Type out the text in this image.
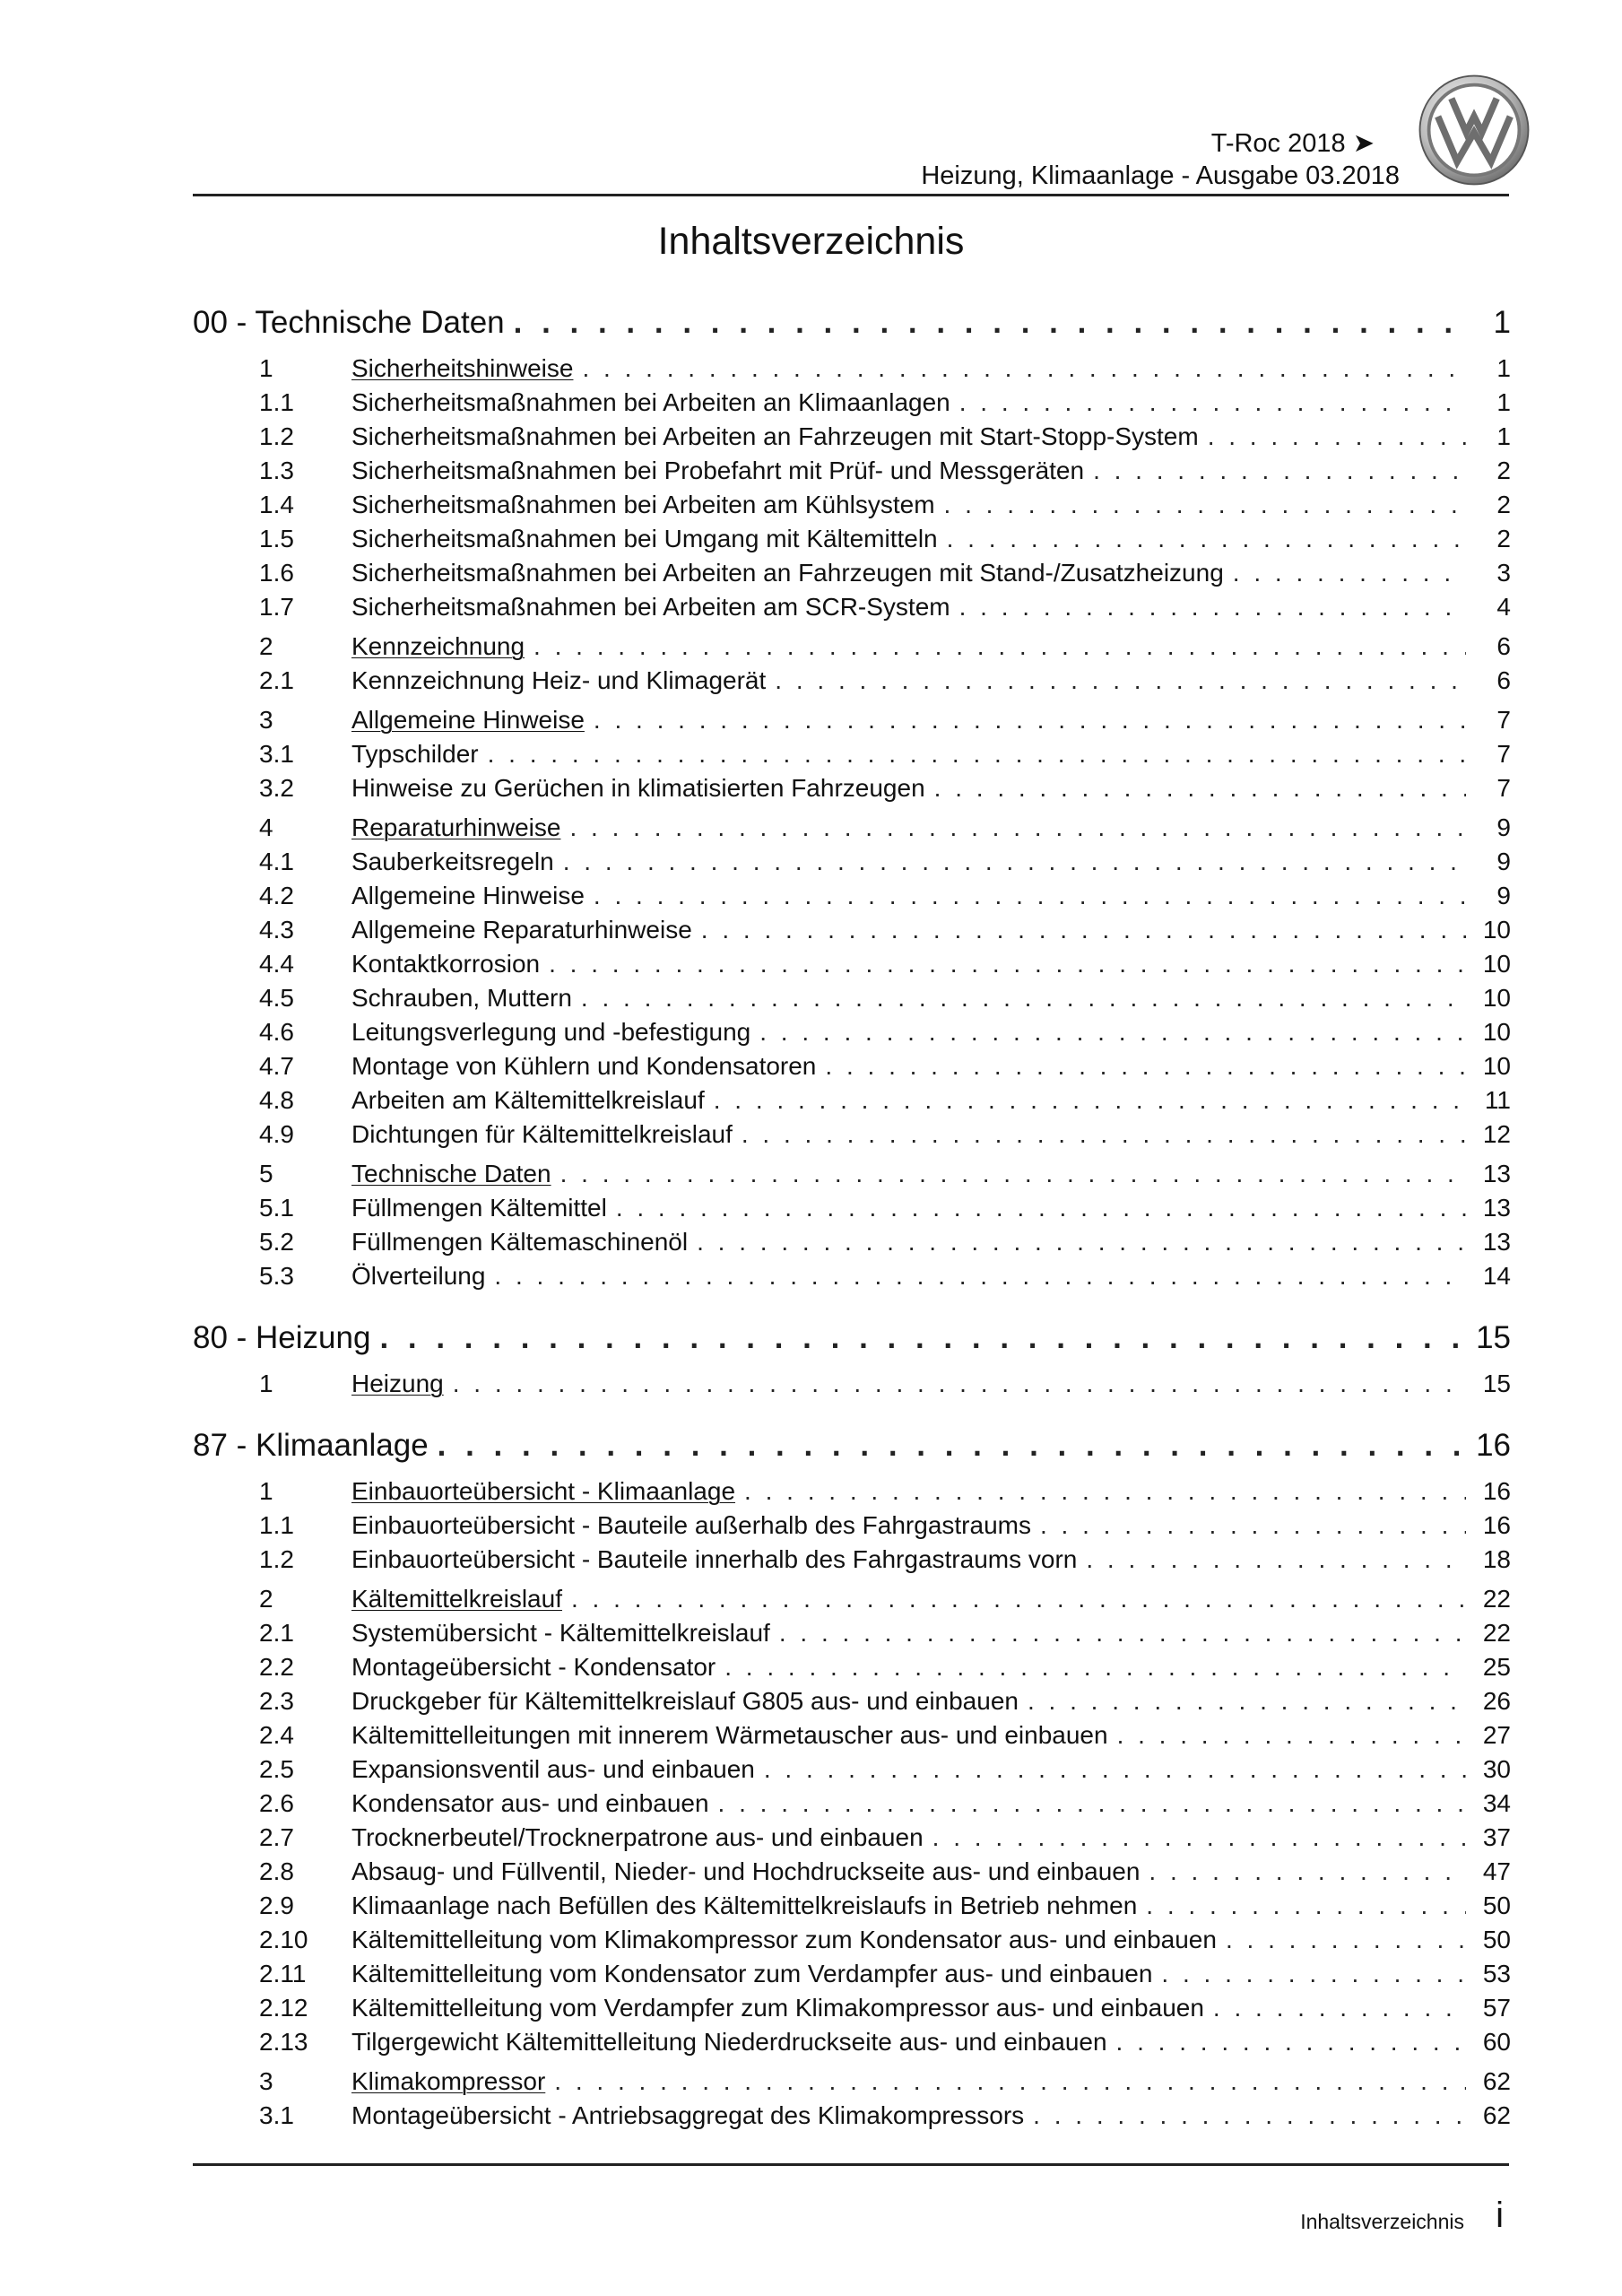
T-Roc 2018 ➤
Heizung, Klimaanlage - Ausgabe 03.2018
Inhaltsverzeichnis
00 - Technische Daten . . .	1
1	Sicherheitshinweise . . .	1
1.1	Sicherheitsmaßnahmen bei Arbeiten an Klimaanlagen . . .	1
1.2	Sicherheitsmaßnahmen bei Arbeiten an Fahrzeugen mit Start-Stopp-System . . .	1
1.3	Sicherheitsmaßnahmen bei Probefahrt mit Prüf- und Messgeräten . . .	2
1.4	Sicherheitsmaßnahmen bei Arbeiten am Kühlsystem . . .	2
1.5	Sicherheitsmaßnahmen bei Umgang mit Kältemitteln . . .	2
1.6	Sicherheitsmaßnahmen bei Arbeiten an Fahrzeugen mit Stand-/Zusatzheizung . . .	3
1.7	Sicherheitsmaßnahmen bei Arbeiten am SCR-System . . .	4
2	Kennzeichnung . . .	6
2.1	Kennzeichnung Heiz- und Klimagerät . . .	6
3	Allgemeine Hinweise . . .	7
3.1	Typschilder . . .	7
3.2	Hinweise zu Gerüchen in klimatisierten Fahrzeugen . . .	7
4	Reparaturhinweise . . .	9
4.1	Sauberkeitsregeln . . .	9
4.2	Allgemeine Hinweise . . .	9
4.3	Allgemeine Reparaturhinweise . . .	10
4.4	Kontaktkorrosion . . .	10
4.5	Schrauben, Muttern . . .	10
4.6	Leitungsverlegung und -befestigung . . .	10
4.7	Montage von Kühlern und Kondensatoren . . .	10
4.8	Arbeiten am Kältemittelkreislauf . . .	11
4.9	Dichtungen für Kältemittelkreislauf . . .	12
5	Technische Daten . . .	13
5.1	Füllmengen Kältemittel . . .	13
5.2	Füllmengen Kältemaschinenöl . . .	13
5.3	Ölverteilung . . .	14
80 - Heizung . . .	15
1	Heizung . . .	15
87 - Klimaanlage . . .	16
1	Einbauorteübersicht - Klimaanlage . . .	16
1.1	Einbauorteübersicht - Bauteile außerhalb des Fahrgastraums . . .	16
1.2	Einbauorteübersicht - Bauteile innerhalb des Fahrgastraums vorn . . .	18
2	Kältemittelkreislauf . . .	22
2.1	Systemübersicht - Kältemittelkreislauf . . .	22
2.2	Montageübersicht - Kondensator . . .	25
2.3	Druckgeber für Kältemittelkreislauf G805 aus- und einbauen . . .	26
2.4	Kältemittelleitungen mit innerem Wärmetauscher aus- und einbauen . . .	27
2.5	Expansionsventil aus- und einbauen . . .	30
2.6	Kondensator aus- und einbauen . . .	34
2.7	Trocknerbeutel/Trocknerpatrone aus- und einbauen . . .	37
2.8	Absaug- und Füllventil, Nieder- und Hochdruckseite aus- und einbauen . . .	47
2.9	Klimaanlage nach Befüllen des Kältemittelkreislaufs in Betrieb nehmen . . .	50
2.10	Kältemittelleitung vom Klimakompressor zum Kondensator aus- und einbauen . . .	50
2.11	Kältemittelleitung vom Kondensator zum Verdampfer aus- und einbauen . . .	53
2.12	Kältemittelleitung vom Verdampfer zum Klimakompressor aus- und einbauen . . .	57
2.13	Tilgergewicht Kältemittelleitung Niederdruckseite aus- und einbauen . . .	60
3	Klimakompressor . . .	62
3.1	Montageübersicht - Antriebsaggregat des Klimakompressors . . .	62
Inhaltsverzeichnis i
